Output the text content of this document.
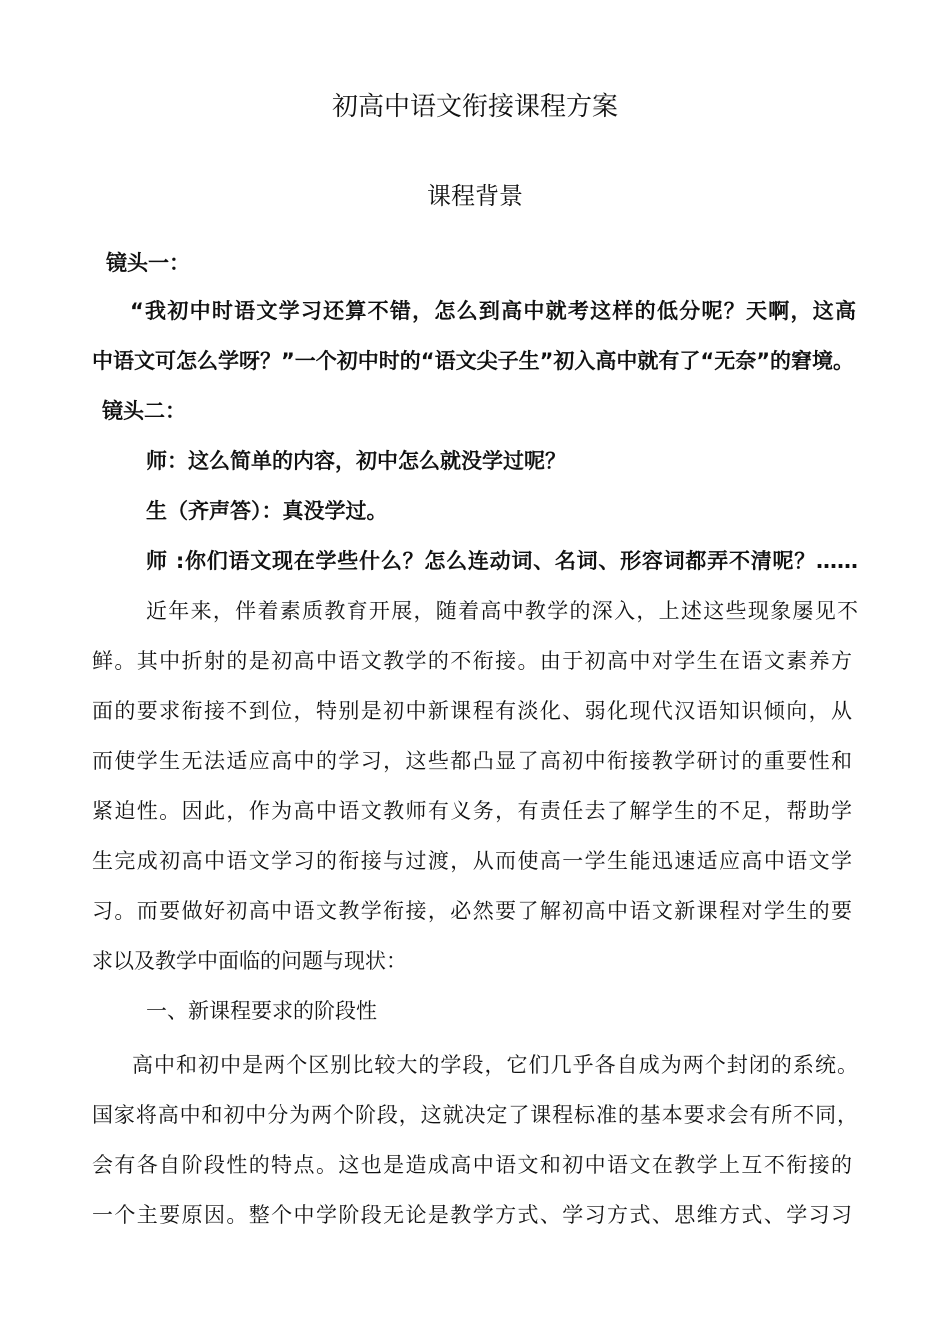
初高中语文衔接课程方案
课程背景
镜头一：
“我初中时语文学习还算不错，怎么到高中就考这样的低分呢？天啊，这高
中语文可怎么学呀？”一个初中时的“语文尖子生”初入高中就有了“无奈”的窘境。
镜头二：
师：这么简单的内容，初中怎么就没学过呢？
生（齐声答）：真没学过。
师 :你们语文现在学些什么？怎么连动词、名词、形容词都弄不清呢？……
近年来，伴着素质教育开展，随着高中教学的深入，上述这些现象屡见不
鲜。其中折射的是初高中语文教学的不衔接。由于初高中对学生在语文素养方
面的要求衔接不到位，特别是初中新课程有淡化、弱化现代汉语知识倾向，从
而使学生无法适应高中的学习，这些都凸显了高初中衔接教学研讨的重要性和
紧迫性。因此，作为高中语文教师有义务，有责任去了解学生的不足，帮助学
生完成初高中语文学习的衔接与过渡，从而使高一学生能迅速适应高中语文学
习。而要做好初高中语文教学衔接，必然要了解初高中语文新课程对学生的要
求以及教学中面临的问题与现状：
一、新课程要求的阶段性
高中和初中是两个区别比较大的学段，它们几乎各自成为两个封闭的系统。
国家将高中和初中分为两个阶段，这就决定了课程标准的基本要求会有所不同，
会有各自阶段性的特点。这也是造成高中语文和初中语文在教学上互不衔接的
一个主要原因。整个中学阶段无论是教学方式、学习方式、思维方式、学习习
